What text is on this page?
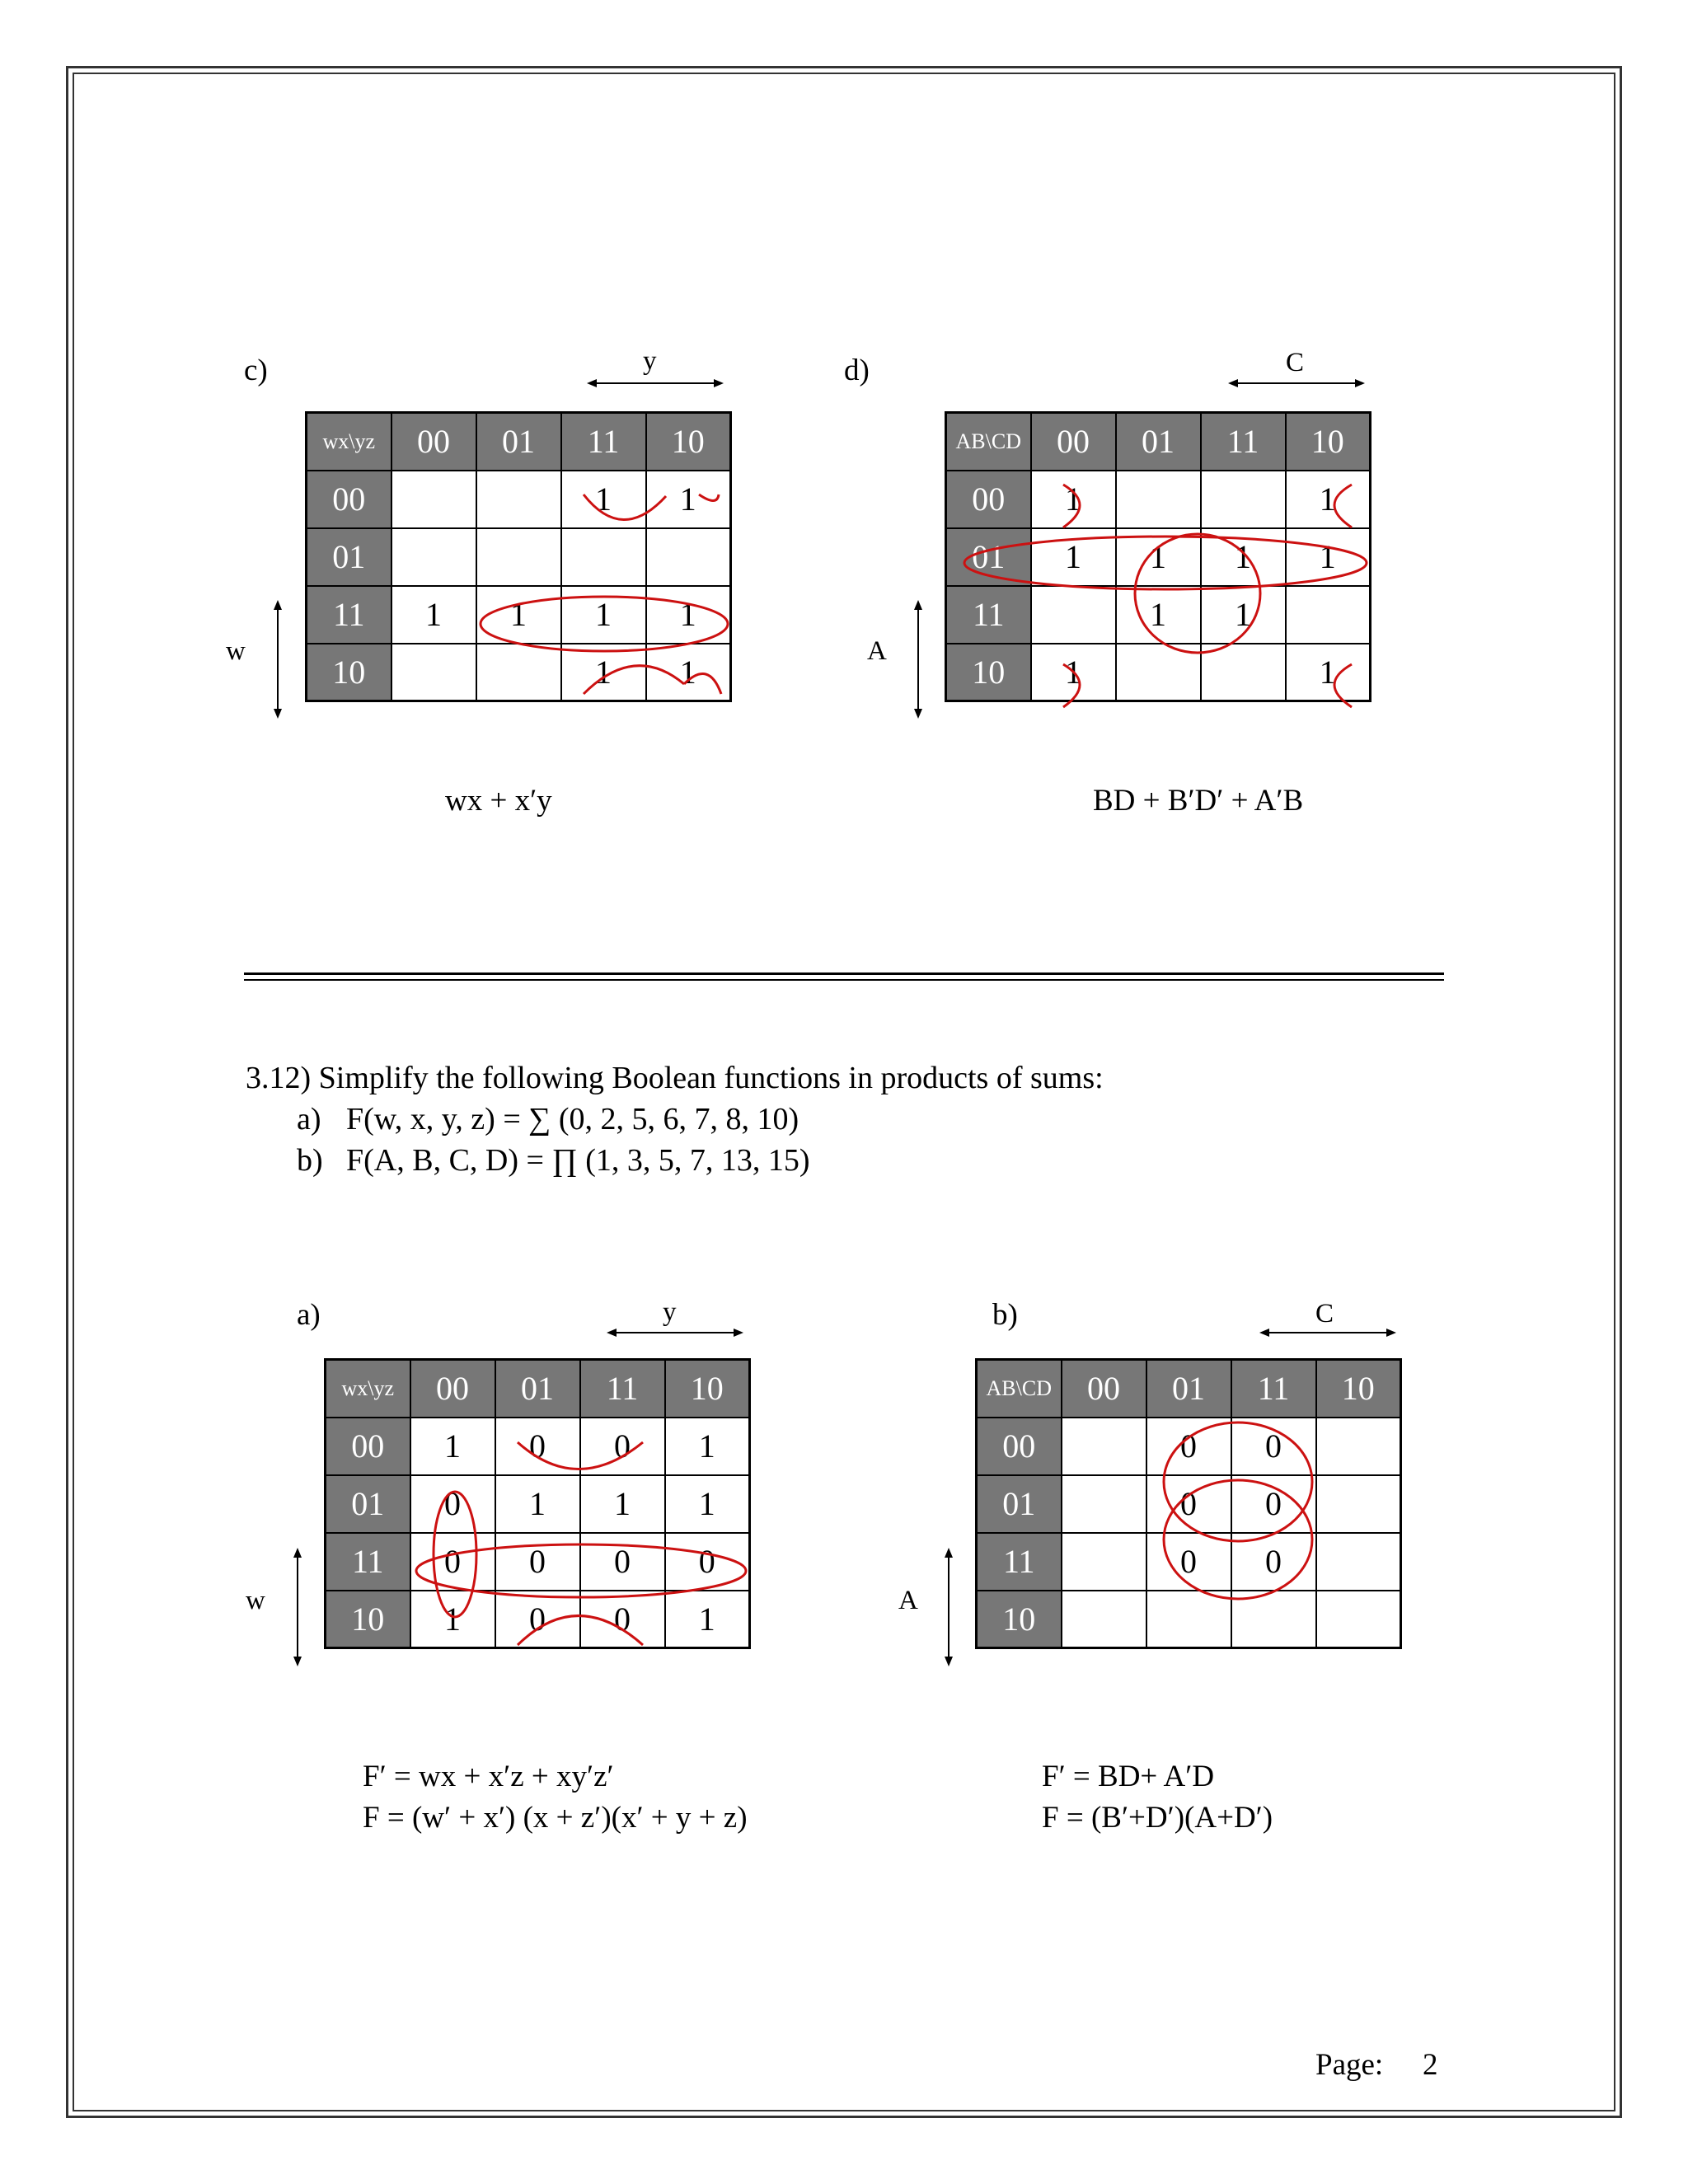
c)	y
w
wx\yz	00	01	11	10
00			1	1
01				
11	1	1	1	1
10			1	1
wx + x′y
d)	C
A
AB\CD	00	01	11	10
00	1			1
01	1	1	1	1
11		1	1	
10	1			1
BD + B′D′ + A′B
3.12) Simplify the following Boolean functions in products of sums:
a) F(w, x, y, z) = ∑ (0, 2, 5, 6, 7, 8, 10)
b) F(A, B, C, D) = ∏ (1, 3, 5, 7, 13, 15)
a)	y
w
wx\yz	00	01	11	10
00	1	0	0	1
01	0	1	1	1
11	0	0	0	0
10	1	0	0	1
F′ = wx + x′z + xy′z′
F = (w′ + x′) (x + z′)(x′ + y + z)
b)	C
A
AB\CD	00	01	11	10
00		0	0	
01		0	0	
11		0	0	
10				
F′ = BD+ A′D
F = (B′+D′)(A+D′)
Page: 2
